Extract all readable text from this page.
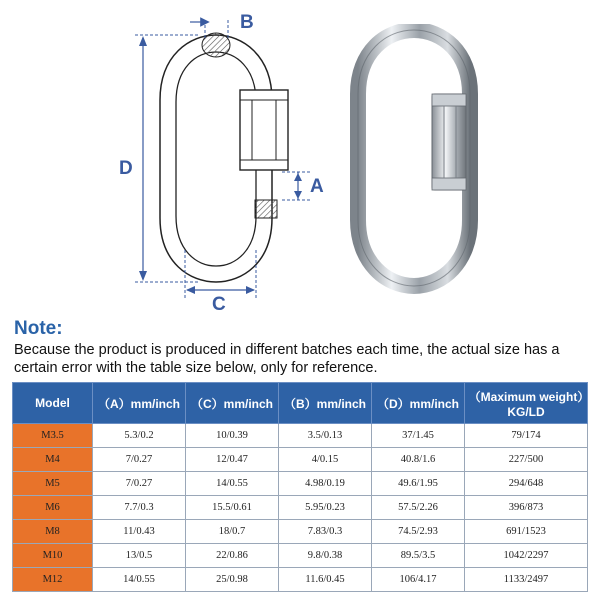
B
D
A
C
Note:
Because the product is produced in different batches each time, the actual size has a certain error with the table size below, only for reference.
Model	（A）mm/inch	（C）mm/inch	（B）mm/inch	（D）mm/inch	（Maximum weight）KG/LD
M3.5	5.3/0.2	10/0.39	3.5/0.13	37/1.45	79/174
M4	7/0.27	12/0.47	4/0.15	40.8/1.6	227/500
M5	7/0.27	14/0.55	4.98/0.19	49.6/1.95	294/648
M6	7.7/0.3	15.5/0.61	5.95/0.23	57.5/2.26	396/873
M8	11/0.43	18/0.7	7.83/0.3	74.5/2.93	691/1523
M10	13/0.5	22/0.86	9.8/0.38	89.5/3.5	1042/2297
M12	14/0.55	25/0.98	11.6/0.45	106/4.17	1133/2497
